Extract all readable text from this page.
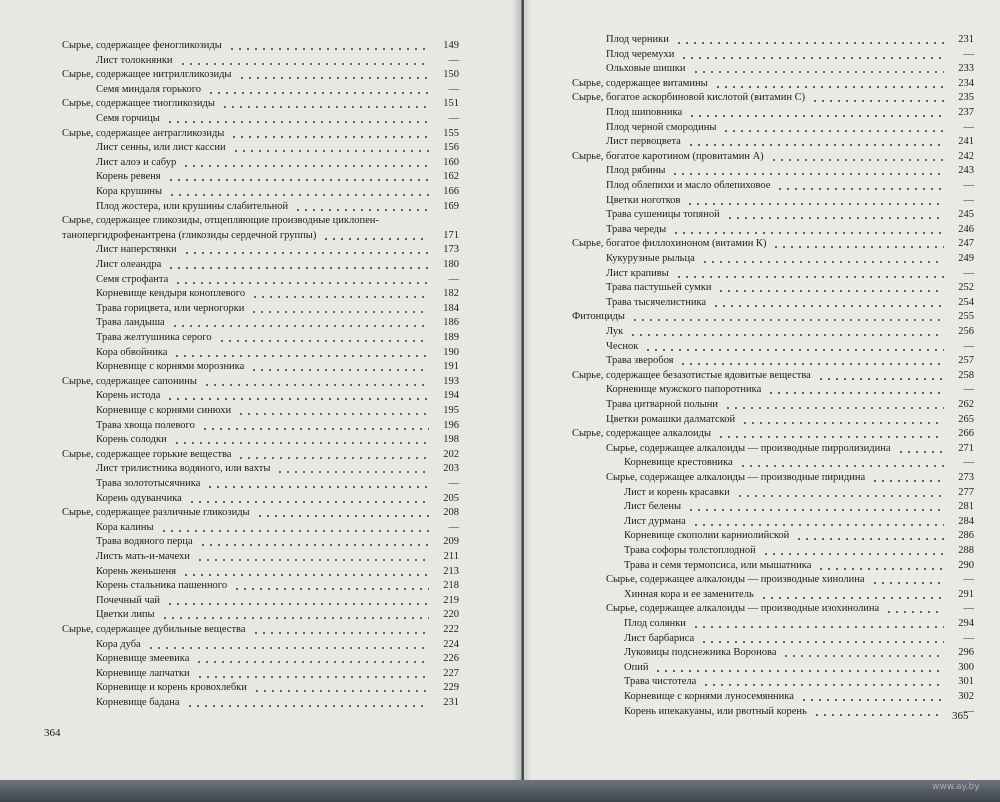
Сырье, содержащее феногликозиды	149
Лист толокнянки	—
Сырье, содержащее нитрилгликозиды	150
Семя миндаля горького	—
Сырье, содержащее тиогликозиды	151
Семя горчицы	—
Сырье, содержащее антрагликозиды	155
Лист сенны, или лист кассии	156
Лист алоэ и сабур	160
Корень ревеня	162
Кора крушины	166
Плод жостера, или крушины слабительной	169
Сырье, содержащее гликозиды, отщепляющие производные циклопен-
танопергидрофенантрена (гликозиды сердечной группы)	171
Лист наперстянки	173
Лист олеандра	180
Семя строфанта	—
Корневище кендыря коноплевого	182
Трава горицвета, или черногорки	184
Трава ландыша	186
Трава желтушника серого	189
Кора обвойника	190
Корневище с корнями морозника	191
Сырье, содержащее сапонины	193
Корень истода	194
Корневище с корнями синюхи	195
Трава хвоща полевого	196
Корень солодки	198
Сырье, содержащее горькие вещества	202
Лист трилистника водяного, или вахты	203
Трава золототысячника	—
Корень одуванчика	205
Сырье, содержащее различные гликозиды	208
Кора калины	—
Трава водяного перца	209
Листь мать-и-мачехи	211
Корень женьшеня	213
Корень стальника пашенного	218
Почечный чай	219
Цветки липы	220
Сырье, содержащее дубильные вещества	222
Кора дуба	224
Корневище змеевика	226
Корневище лапчатки	227
Корневище и корень кровохлебки	229
Корневище бадана	231
Плод черники	231
Плод черемухи	—
Ольховые шишки	233
Сырье, содержащее витамины	234
Сырье, богатое аскорбиновой кислотой (витамин С)	235
Плод шиповника	237
Плод черной смородины	—
Лист первоцвета	241
Сырье, богатое каротином (провитамин А)	242
Плод рябины	243
Плод облепихи и масло облепиховое	—
Цветки ноготков	—
Трава сушеницы топяной	245
Трава череды	246
Сырье, богатое филлохиноном (витамин К)	247
Кукурузные рыльца	249
Лист крапивы	—
Трава пастушьей сумки	252
Трава тысячелистника	254
Фитонциды	255
Лук	256
Чеснок	—
Трава зверобоя	257
Сырье, содержащее безазотистые ядовитые вещества	258
Корневище мужского папоротника	—
Трава цитварной полыни	262
Цветки ромашки далматской	265
Сырье, содержащее алкалоиды	266
Сырье, содержащее алкалоиды — производные пирролизидина	271
Корневище крестовника	—
Сырье, содержащее алкалоиды — производные пиридина	273
Лист и корень красавки	277
Лист белены	281
Лист дурмана	284
Корневище скополии карниолийской	286
Трава софоры толстоплодной	288
Трава и семя термопсиса, или мышатника	290
Сырье, содержащее алкалоиды — производные хинолина	—
Хинная кора и ее заменитель	291
Сырье, содержащее алкалоиды — производные изохинолина	—
Плод солянки	294
Лист барбариса	—
Луковицы подснежника Воронова	296
Опий	300
Трава чистотела	301
Корневище с корнями луносемянника	302
Корень ипекакуаны, или рвотный корень	—
364
365
www.ay.by
